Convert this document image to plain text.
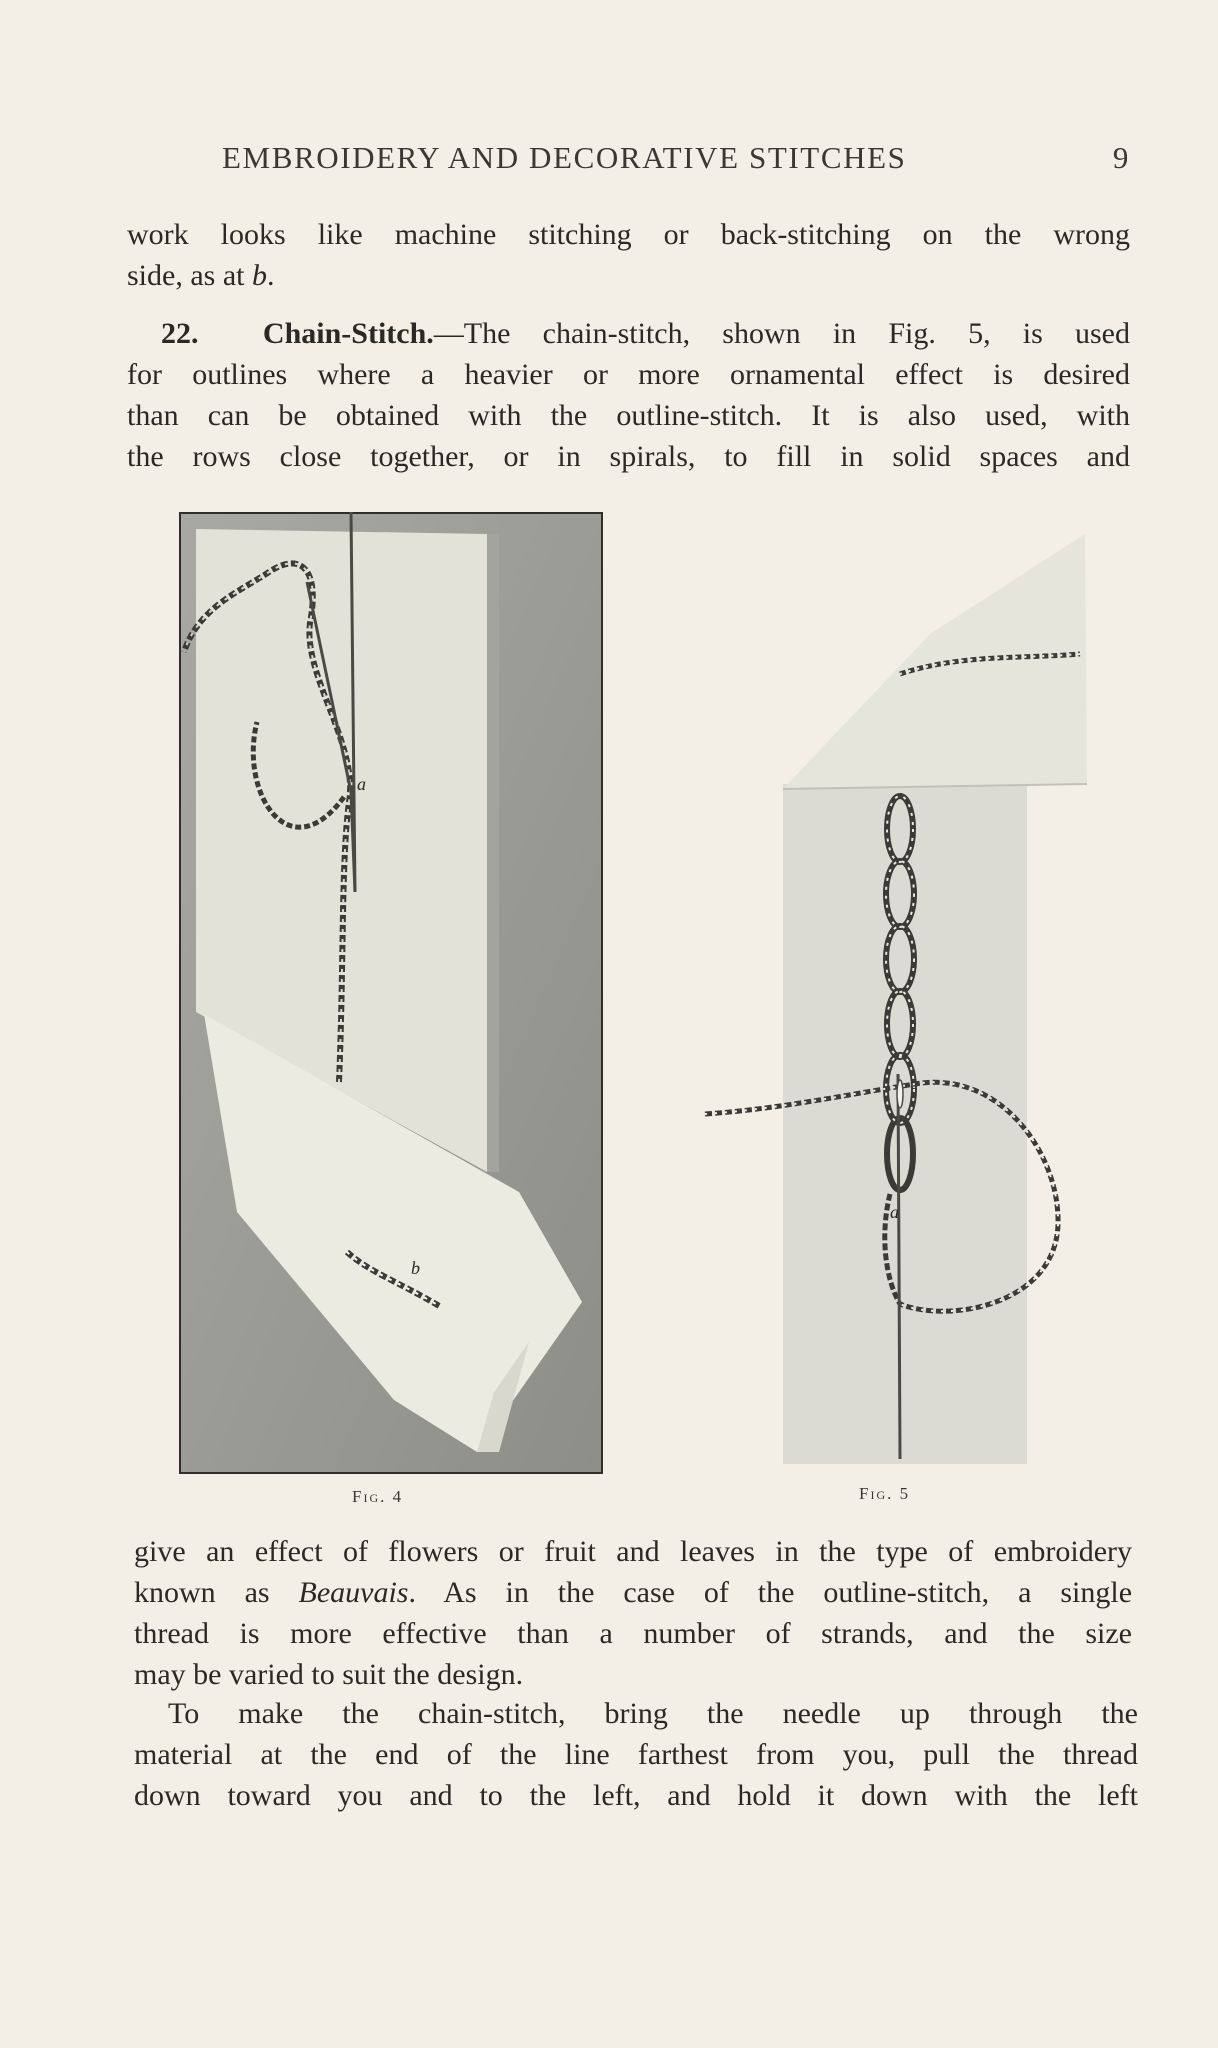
EMBROIDERY AND DECORATIVE STITCHES	9

work looks like machine stitching or back-stitching on the wrong
side, as at b.

22. Chain-Stitch.—The chain-stitch, shown in Fig. 5, is used
for outlines where a heavier or more ornamental effect is desired
than can be obtained with the outline-stitch. It is also used, with
the rows close together, or in spirals, to fill in solid spaces and

a
b
Fig. 4
a
Fig. 5

give an effect of flowers or fruit and leaves in the type of embroidery
known as Beauvais. As in the case of the outline-stitch, a single
thread is more effective than a number of strands, and the size
may be varied to suit the design.

To make the chain-stitch, bring the needle up through the
material at the end of the line farthest from you, pull the thread
down toward you and to the left, and hold it down with the left
